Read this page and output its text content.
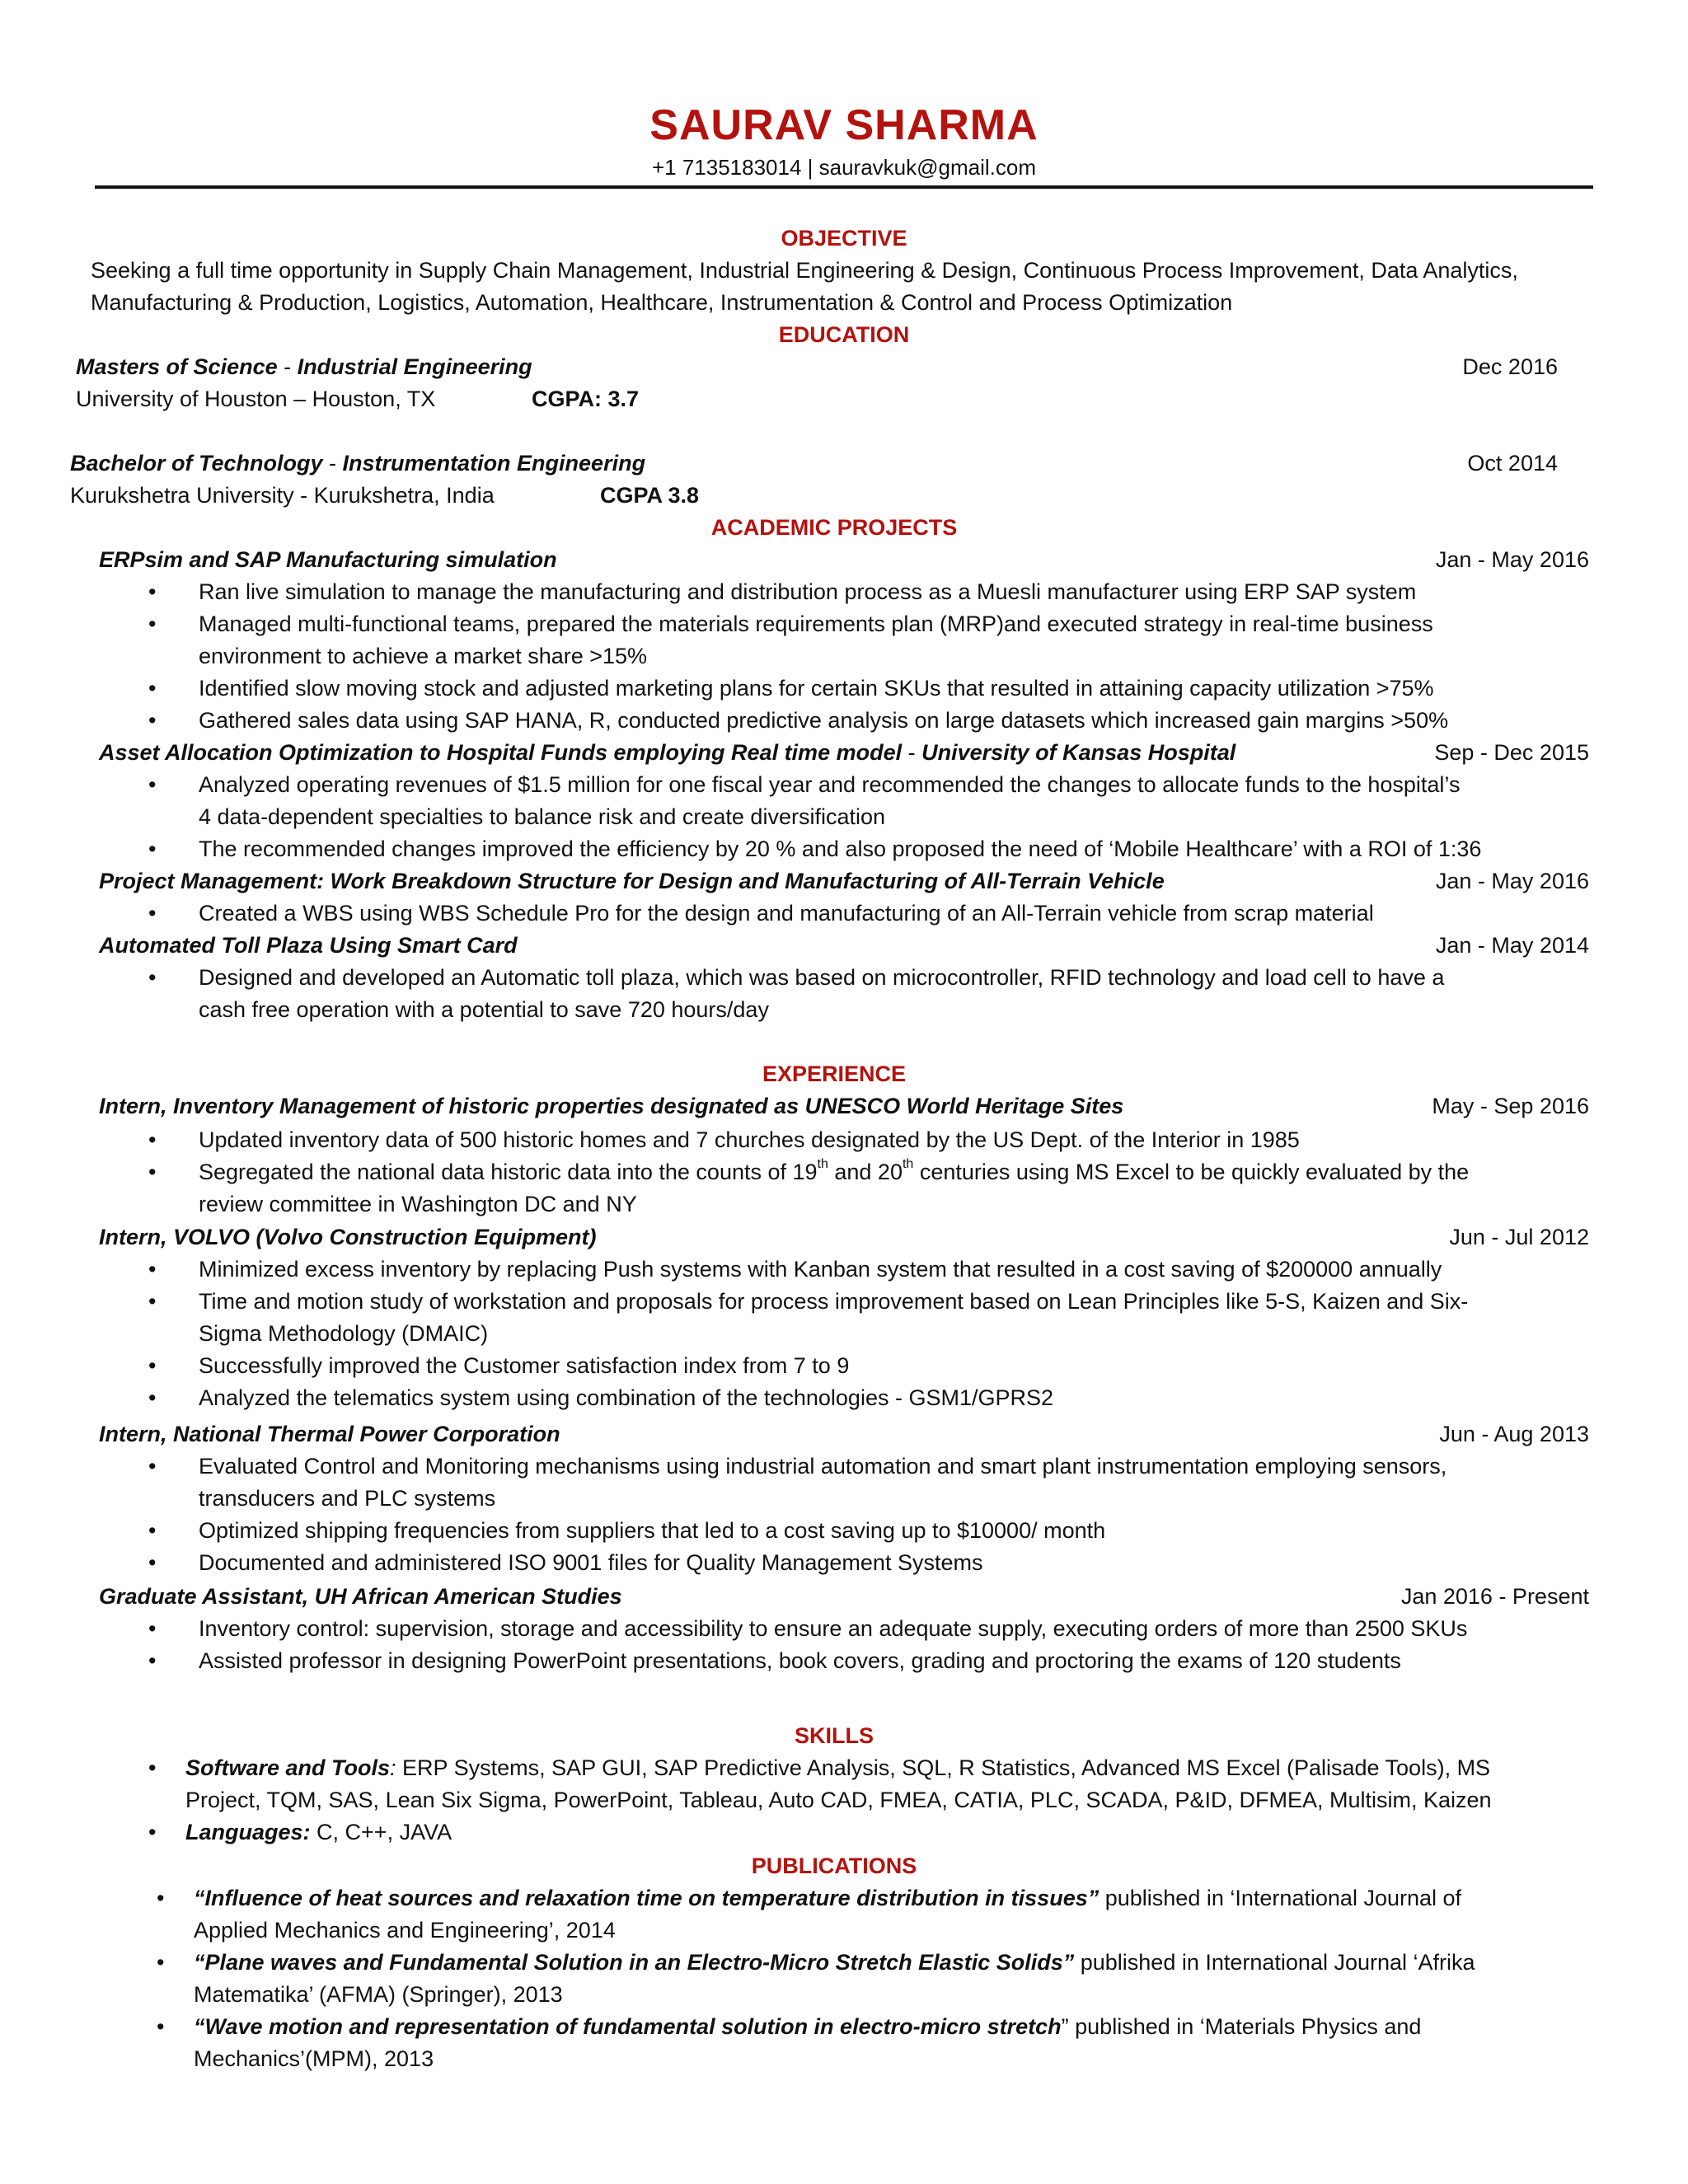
SAURAV SHARMA
+1 7135183014 | sauravkuk@gmail.com
OBJECTIVE
Seeking a full time opportunity in Supply Chain Management, Industrial Engineering & Design, Continuous Process Improvement, Data Analytics,
Manufacturing & Production, Logistics, Automation, Healthcare, Instrumentation & Control and Process Optimization
EDUCATION
Masters of Science - Industrial Engineering	Dec 2016
University of Houston – Houston, TX	CGPA: 3.7
Bachelor of Technology - Instrumentation Engineering	Oct 2014
Kurukshetra University - Kurukshetra, India	CGPA 3.8
ACADEMIC PROJECTS
ERPsim and SAP Manufacturing simulation	Jan - May 2016
• Ran live simulation to manage the manufacturing and distribution process as a Muesli manufacturer using ERP SAP system
• Managed multi-functional teams, prepared the materials requirements plan (MRP)and executed strategy in real-time business
environment to achieve a market share >15%
• Identified slow moving stock and adjusted marketing plans for certain SKUs that resulted in attaining capacity utilization >75%
• Gathered sales data using SAP HANA, R, conducted predictive analysis on large datasets which increased gain margins >50%
Asset Allocation Optimization to Hospital Funds employing Real time model - University of Kansas Hospital	Sep - Dec 2015
• Analyzed operating revenues of $1.5 million for one fiscal year and recommended the changes to allocate funds to the hospital’s
4 data-dependent specialties to balance risk and create diversification
• The recommended changes improved the efficiency by 20 % and also proposed the need of ‘Mobile Healthcare’ with a ROI of 1:36
Project Management: Work Breakdown Structure for Design and Manufacturing of All-Terrain Vehicle	Jan - May 2016
• Created a WBS using WBS Schedule Pro for the design and manufacturing of an All-Terrain vehicle from scrap material
Automated Toll Plaza Using Smart Card	Jan - May 2014
• Designed and developed an Automatic toll plaza, which was based on microcontroller, RFID technology and load cell to have a
cash free operation with a potential to save 720 hours/day
EXPERIENCE
Intern, Inventory Management of historic properties designated as UNESCO World Heritage Sites	May - Sep 2016
• Updated inventory data of 500 historic homes and 7 churches designated by the US Dept. of the Interior in 1985
• Segregated the national data historic data into the counts of 19th and 20th centuries using MS Excel to be quickly evaluated by the
review committee in Washington DC and NY
Intern, VOLVO (Volvo Construction Equipment)	Jun - Jul 2012
• Minimized excess inventory by replacing Push systems with Kanban system that resulted in a cost saving of $200000 annually
• Time and motion study of workstation and proposals for process improvement based on Lean Principles like 5-S, Kaizen and Six-
Sigma Methodology (DMAIC)
• Successfully improved the Customer satisfaction index from 7 to 9
• Analyzed the telematics system using combination of the technologies - GSM1/GPRS2
Intern, National Thermal Power Corporation	Jun - Aug 2013
• Evaluated Control and Monitoring mechanisms using industrial automation and smart plant instrumentation employing sensors,
transducers and PLC systems
• Optimized shipping frequencies from suppliers that led to a cost saving up to $10000/ month
• Documented and administered ISO 9001 files for Quality Management Systems
Graduate Assistant, UH African American Studies	Jan 2016 - Present
• Inventory control: supervision, storage and accessibility to ensure an adequate supply, executing orders of more than 2500 SKUs
• Assisted professor in designing PowerPoint presentations, book covers, grading and proctoring the exams of 120 students
SKILLS
• Software and Tools: ERP Systems, SAP GUI, SAP Predictive Analysis, SQL, R Statistics, Advanced MS Excel (Palisade Tools), MS
Project, TQM, SAS, Lean Six Sigma, PowerPoint, Tableau, Auto CAD, FMEA, CATIA, PLC, SCADA, P&ID, DFMEA, Multisim, Kaizen
• Languages: C, C++, JAVA
PUBLICATIONS
• “Influence of heat sources and relaxation time on temperature distribution in tissues” published in ‘International Journal of
Applied Mechanics and Engineering’, 2014
• “Plane waves and Fundamental Solution in an Electro-Micro Stretch Elastic Solids” published in International Journal ‘Afrika
Matematika’ (AFMA) (Springer), 2013
• “Wave motion and representation of fundamental solution in electro-micro stretch” published in ‘Materials Physics and
Mechanics’(MPM), 2013
